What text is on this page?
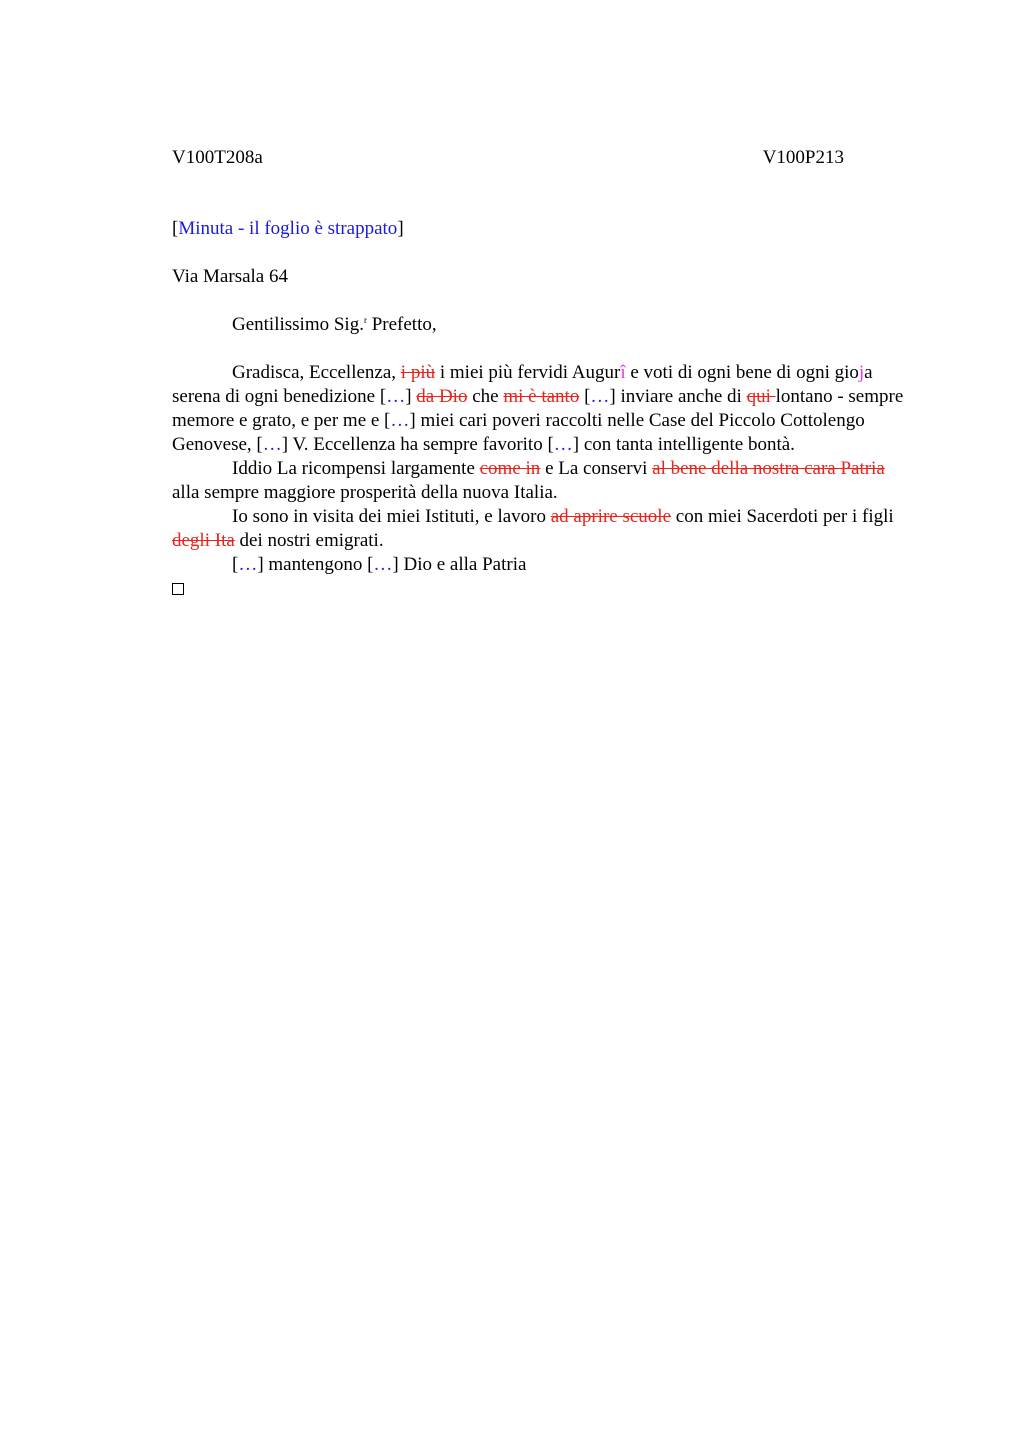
V100T208a	V100P213

[Minuta - il foglio è strappato]

Via Marsala 64

Gentilissimo Sig.$^r$ Prefetto,

Gradisca, Eccellenza, i più i miei più fervidi Augurî e voti di ogni bene di ogni gioja serena di ogni benedizione […] da Dio che mi è tanto […] inviare anche di qui lontano - sempre memore e grato, e per me e […] miei cari poveri raccolti nelle Case del Piccolo Cottolengo Genovese, […] V. Eccellenza ha sempre favorito […] con tanta intelligente bontà.

Iddio La ricompensi largamente come in e La conservi al bene della nostra cara Patria alla sempre maggiore prosperità della nuova Italia.

Io sono in visita dei miei Istituti, e lavoro ad aprire scuole con miei Sacerdoti per i figli degli Ita dei nostri emigrati.

[…] mantengono […] Dio e alla Patria
